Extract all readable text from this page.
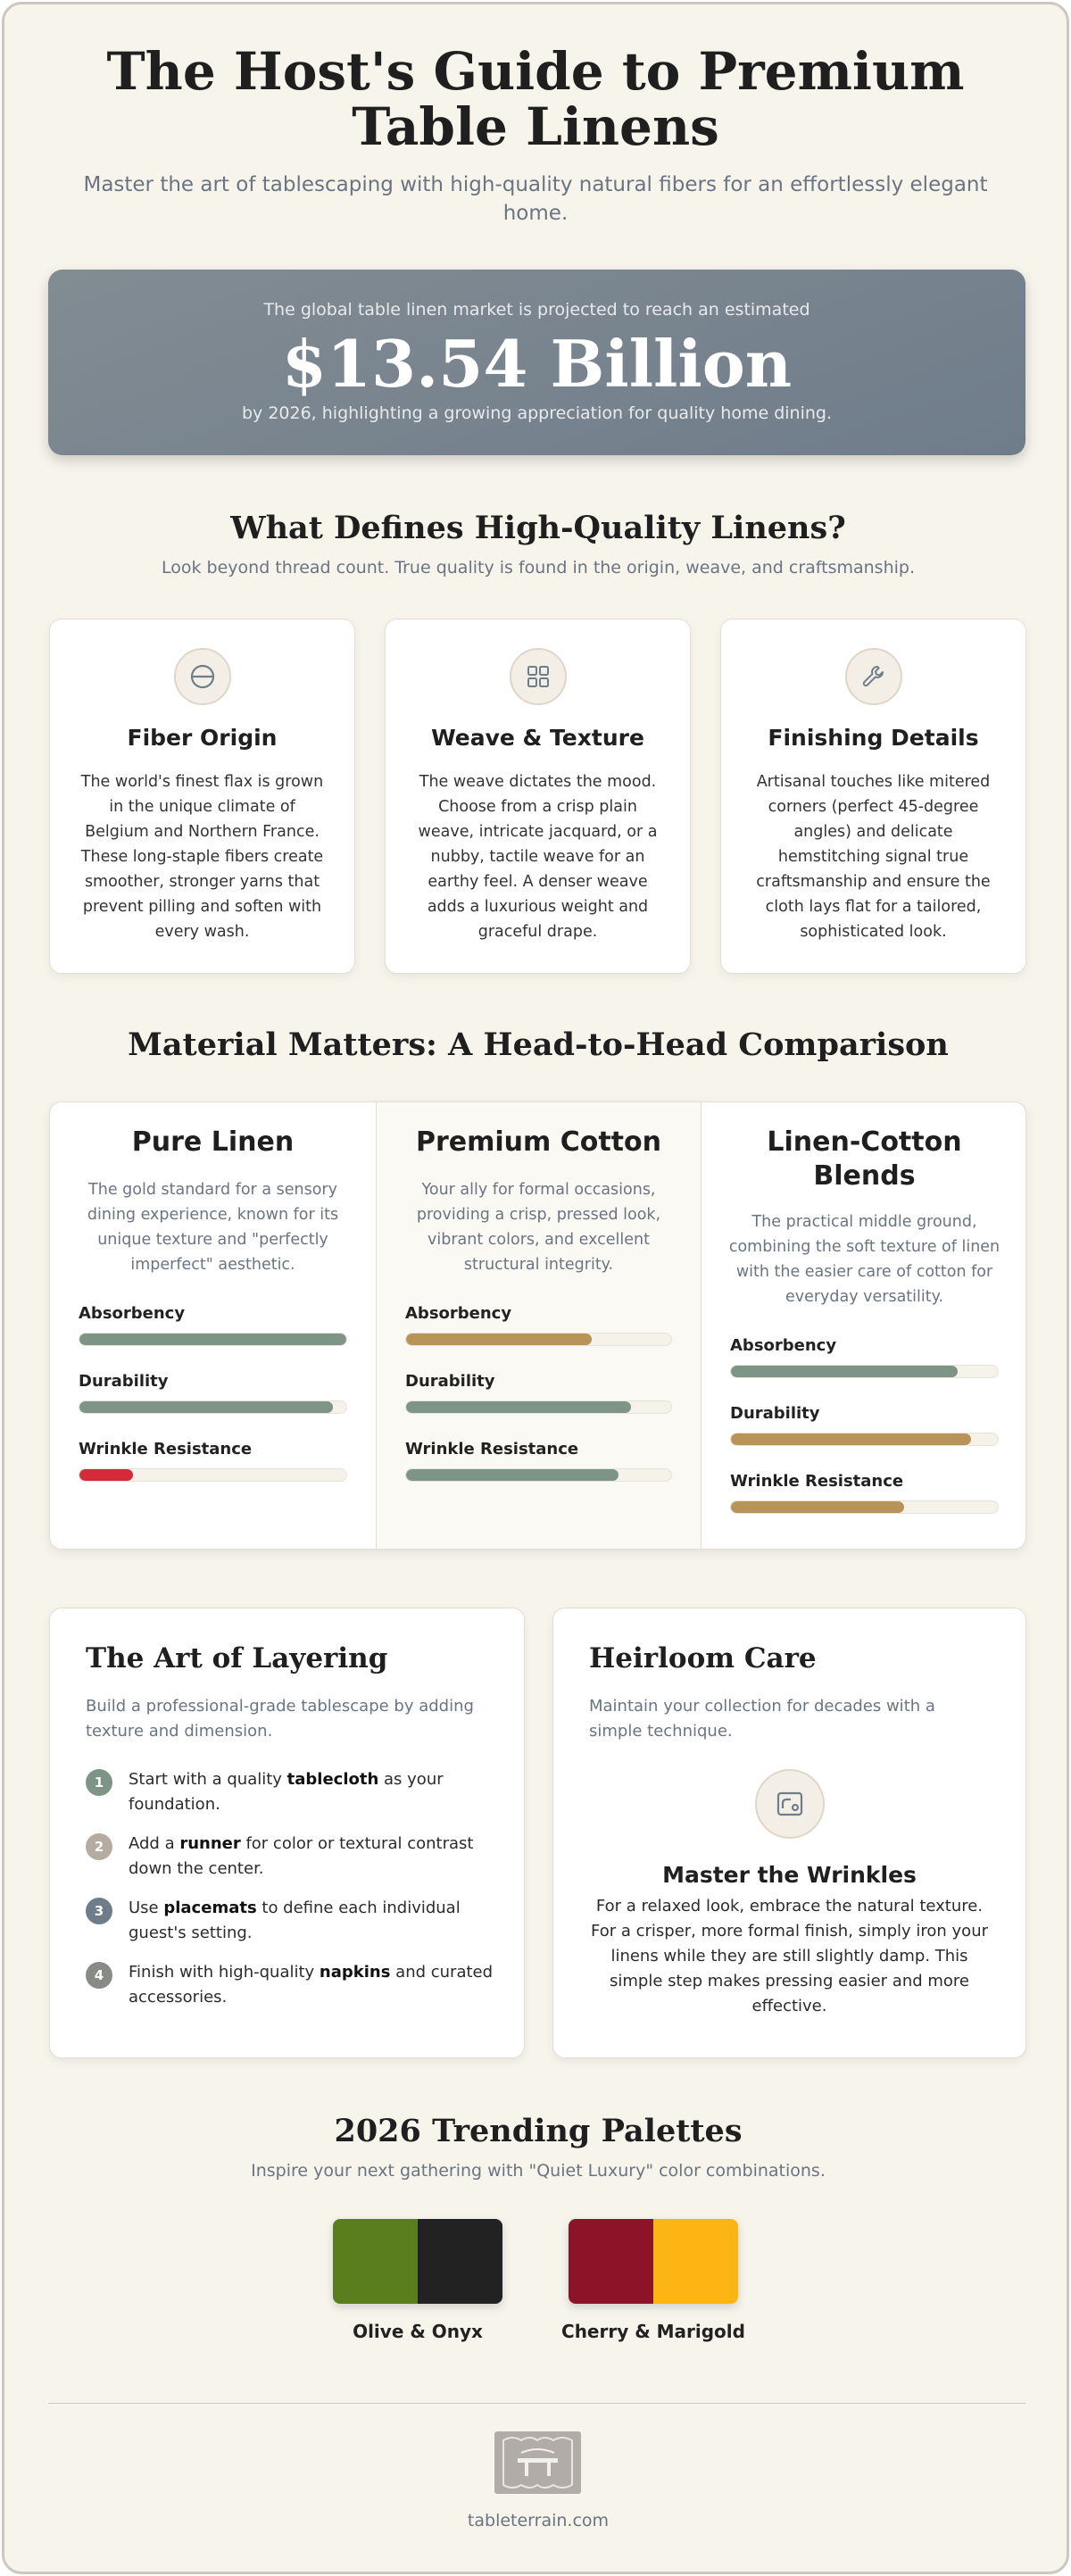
The Host's Guide to Premium Table Linens

Master the art of tablescaping with high-quality natural fibers for an effortlessly elegant home.

The global table linen market is projected to reach an estimated
$13.54 Billion
by 2026, highlighting a growing appreciation for quality home dining.
What Defines High-Quality Linens?

Look beyond thread count. True quality is found in the origin, weave, and craftsmanship.

Fiber Origin

The world's finest flax is grown in the unique climate of Belgium and Northern France. These long-staple fibers create smoother, stronger yarns that prevent pilling and soften with every wash.

Weave & Texture

The weave dictates the mood. Choose from a crisp plain weave, intricate jacquard, or a nubby, tactile weave for an earthy feel. A denser weave adds a luxurious weight and graceful drape.

Finishing Details

Artisanal touches like mitered corners (perfect 45-degree angles) and delicate hemstitching signal true craftsmanship and ensure the cloth lays flat for a tailored, sophisticated look.

Material Matters: A Head-to-Head Comparison
Pure Linen

The gold standard for a sensory dining experience, known for its unique texture and "perfectly imperfect" aesthetic.

Absorbency
Durability
Wrinkle Resistance
Premium Cotton

Your ally for formal occasions, providing a crisp, pressed look, vibrant colors, and excellent structural integrity.

Absorbency
Durability
Wrinkle Resistance
Linen-Cotton Blends

The practical middle ground, combining the soft texture of linen with the easier care of cotton for everyday versatility.

Absorbency
Durability
Wrinkle Resistance
The Art of Layering

Build a professional-grade tablescape by adding texture and dimension.

1	Start with a quality tablecloth as your foundation.
2	Add a runner for color or textural contrast down the center.
3	Use placemats to define each individual guest's setting.
4	Finish with high-quality napkins and curated accessories.
Heirloom Care

Maintain your collection for decades with a simple technique.

Master the Wrinkles

For a relaxed look, embrace the natural texture. For a crisper, more formal finish, simply iron your linens while they are still slightly damp. This simple step makes pressing easier and more effective.

2026 Trending Palettes

Inspire your next gathering with "Quiet Luxury" color combinations.

Olive & Onyx	Cherry & Marigold
tableterrain.com
